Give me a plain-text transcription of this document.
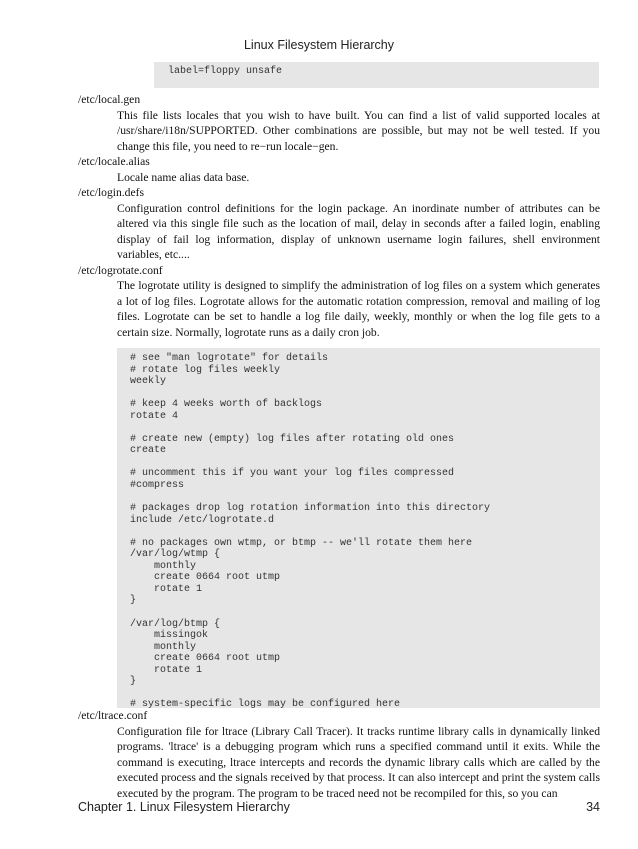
Linux Filesystem Hierarchy
label=floppy unsafe

/etc/local.gen

This file lists locales that you wish to have built. You can find a list of valid supported locales at /usr/share/i18n/SUPPORTED. Other combinations are possible, but may not be well tested. If you change this file, you need to re−run locale−gen.

/etc/locale.alias

Locale name alias data base.

/etc/login.defs

Configuration control definitions for the login package. An inordinate number of attributes can be altered via this single file such as the location of mail, delay in seconds after a failed login, enabling display of fail log information, display of unknown username login failures, shell environment variables, etc....

/etc/logrotate.conf

The logrotate utility is designed to simplify the administration of log files on a system which generates a lot of log files. Logrotate allows for the automatic rotation compression, removal and mailing of log files. Logrotate can be set to handle a log file daily, weekly, monthly or when the log file gets to a certain size. Normally, logrotate runs as a daily cron job.

# see "man logrotate" for details
# rotate log files weekly
weekly

# keep 4 weeks worth of backlogs
rotate 4

# create new (empty) log files after rotating old ones
create

# uncomment this if you want your log files compressed
#compress

# packages drop log rotation information into this directory
include /etc/logrotate.d

# no packages own wtmp, or btmp -- we'll rotate them here
/var/log/wtmp {
monthly
create 0664 root utmp
rotate 1
}

/var/log/btmp {
missingok
monthly
create 0664 root utmp
rotate 1
}

# system-specific logs may be configured here

/etc/ltrace.conf

Configuration file for ltrace (Library Call Tracer). It tracks runtime library calls in dynamically linked programs. 'ltrace' is a debugging program which runs a specified command until it exits. While the command is executing, ltrace intercepts and records the dynamic library calls which are called by the executed process and the signals received by that process. It can also intercept and print the system calls executed by the program. The program to be traced need not be recompiled for this, so you can

Chapter 1. Linux Filesystem Hierarchy	34
